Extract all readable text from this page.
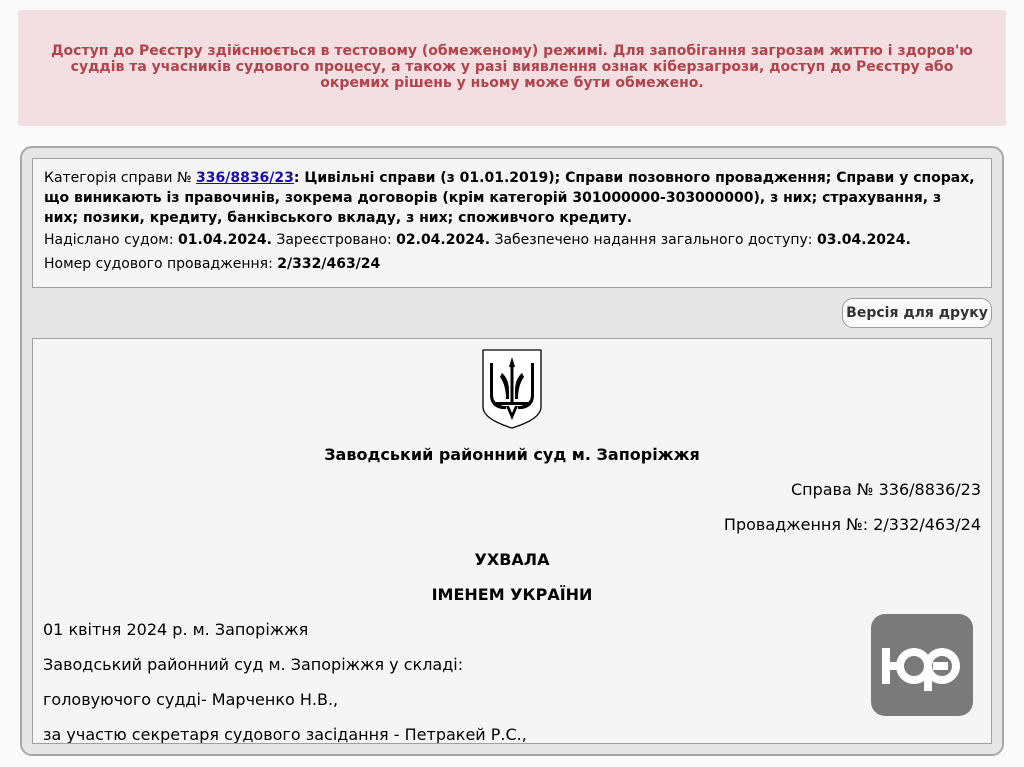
Доступ до Реєстру здійснюється в тестовому (обмеженому) режимі. Для запобігання загрозам життю і здоров'ю суддів та учасників судового процесу, а також у разі виявлення ознак кіберзагрози, доступ до Реєстру або окремих рішень у ньому може бути обмежено.
Категорія справи № 336/8836/23: Цивільні справи (з 01.01.2019); Справи позовного провадження; Справи у спорах, що виникають із правочинів, зокрема договорів (крім категорій 301000000-303000000), з них; страхування, з них; позики, кредиту, банківського вкладу, з них; споживчого кредиту.
Надіслано судом: 01.04.2024. Зареєстровано: 02.04.2024. Забезпечено надання загального доступу: 03.04.2024.
Номер судового провадження: 2/332/463/24
Версія для друку
Заводський районний суд м. Запоріжжя
Справа № 336/8836/23
Провадження №: 2/332/463/24
УХВАЛА
ІМЕНЕМ УКРАЇНИ
01 квітня 2024 р. м. Запоріжжя
Заводський районний суд м. Запоріжжя у складі:
головуючого судді- Марченко Н.В.,
за участю секретаря судового засідання - Петракей Р.С.,
